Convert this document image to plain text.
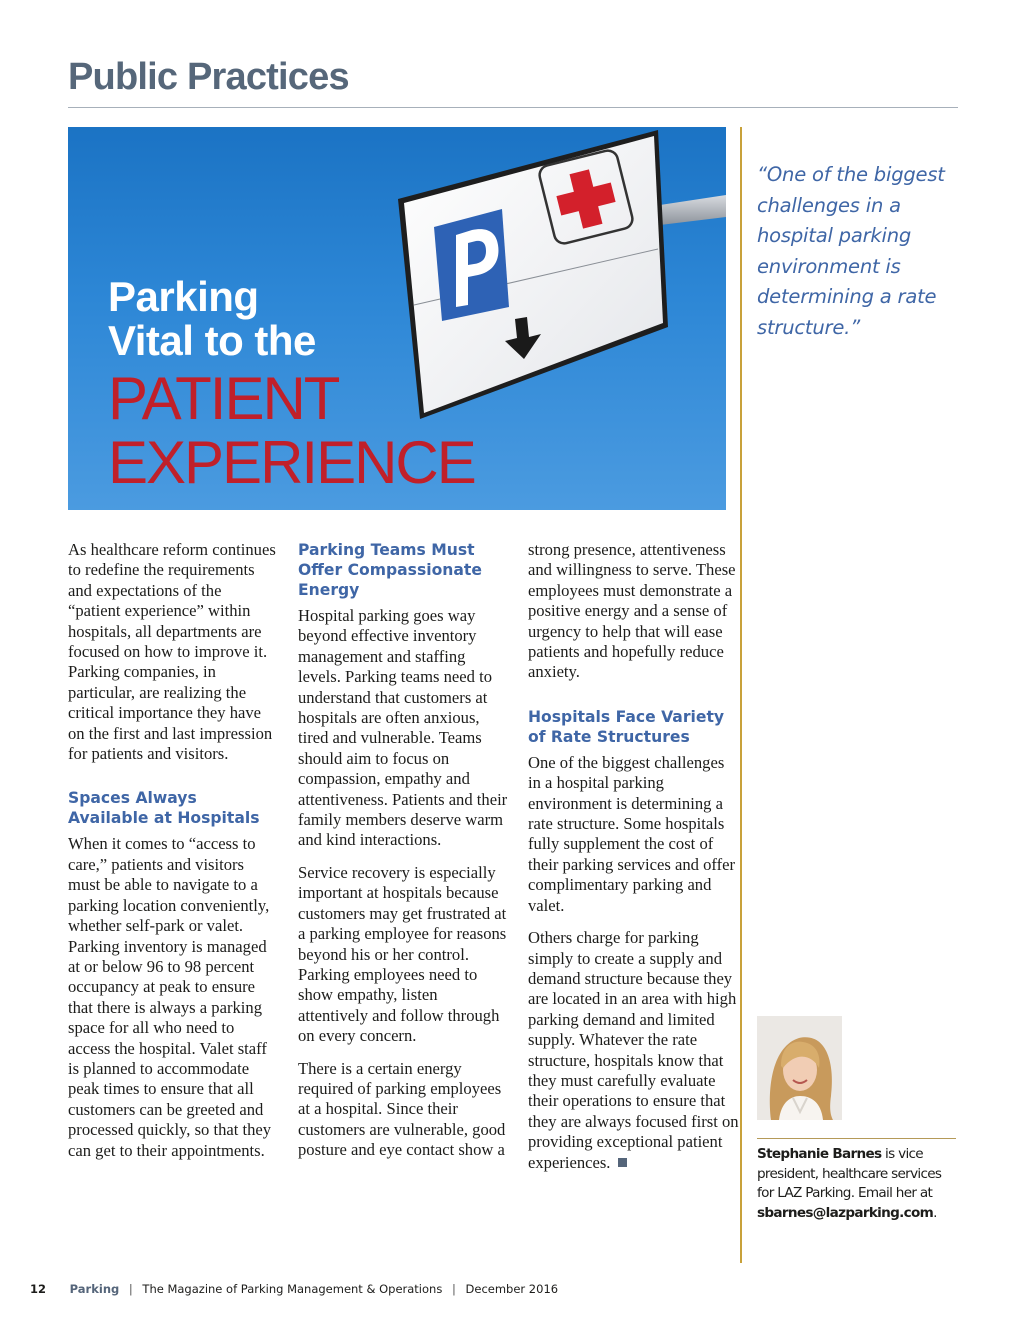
Public Practices
Parking
Vital to the
PATIENT
EXPERIENCE

“One of the biggest challenges in a hospital parking environment is determining a rate structure.”

As healthcare reform continues to redefine the requirements and expectations of the “patient experience” within hospitals, all departments are focused on how to improve it. Parking companies, in particular, are realizing the critical importance they have on the first and last impression for patients and visitors.

Spaces Always Available at Hospitals

When it comes to “access to care,” patients and visitors must be able to navigate to a parking location conveniently, whether self-park or valet. Parking inventory is managed at or below 96 to 98 percent occupancy at peak to ensure that there is always a parking space for all who need to access the hospital. Valet staff is planned to accommodate peak times to ensure that all customers can be greeted and processed quickly, so that they can get to their appointments.

Parking Teams Must Offer Compassionate Energy

Hospital parking goes way beyond effective inventory management and staffing levels. Parking teams need to understand that customers at hospitals are often anxious, tired and vulnerable. Teams should aim to focus on compassion, empathy and attentiveness. Patients and their family members deserve warm and kind interactions.

Service recovery is especially important at hospitals because customers may get frustrated at a parking employee for reasons beyond his or her control. Parking employees need to show empathy, listen attentively and follow through on every concern.

There is a certain energy required of parking employees at a hospital. Since their customers are vulnerable, good posture and eye contact show a

strong presence, attentiveness and willingness to serve. These employees must demonstrate a positive energy and a sense of urgency to help that will ease patients and hopefully reduce anxiety.

Hospitals Face Variety of Rate Structures

One of the biggest challenges in a hospital parking environment is determining a rate structure. Some hospitals fully supplement the cost of their parking services and offer complimentary parking and valet.

Others charge for parking simply to create a supply and demand structure because they are located in an area with high parking demand and limited supply. Whatever the rate structure, hospitals know that they must carefully evaluate their operations to ensure that they are always focused first on providing exceptional patient experiences.	Stephanie Barnes is vice president, healthcare services for LAZ Parking. Email her at sbarnes@lazparking.com.

12 Parking | The Magazine of Parking Management & Operations | December 2016
